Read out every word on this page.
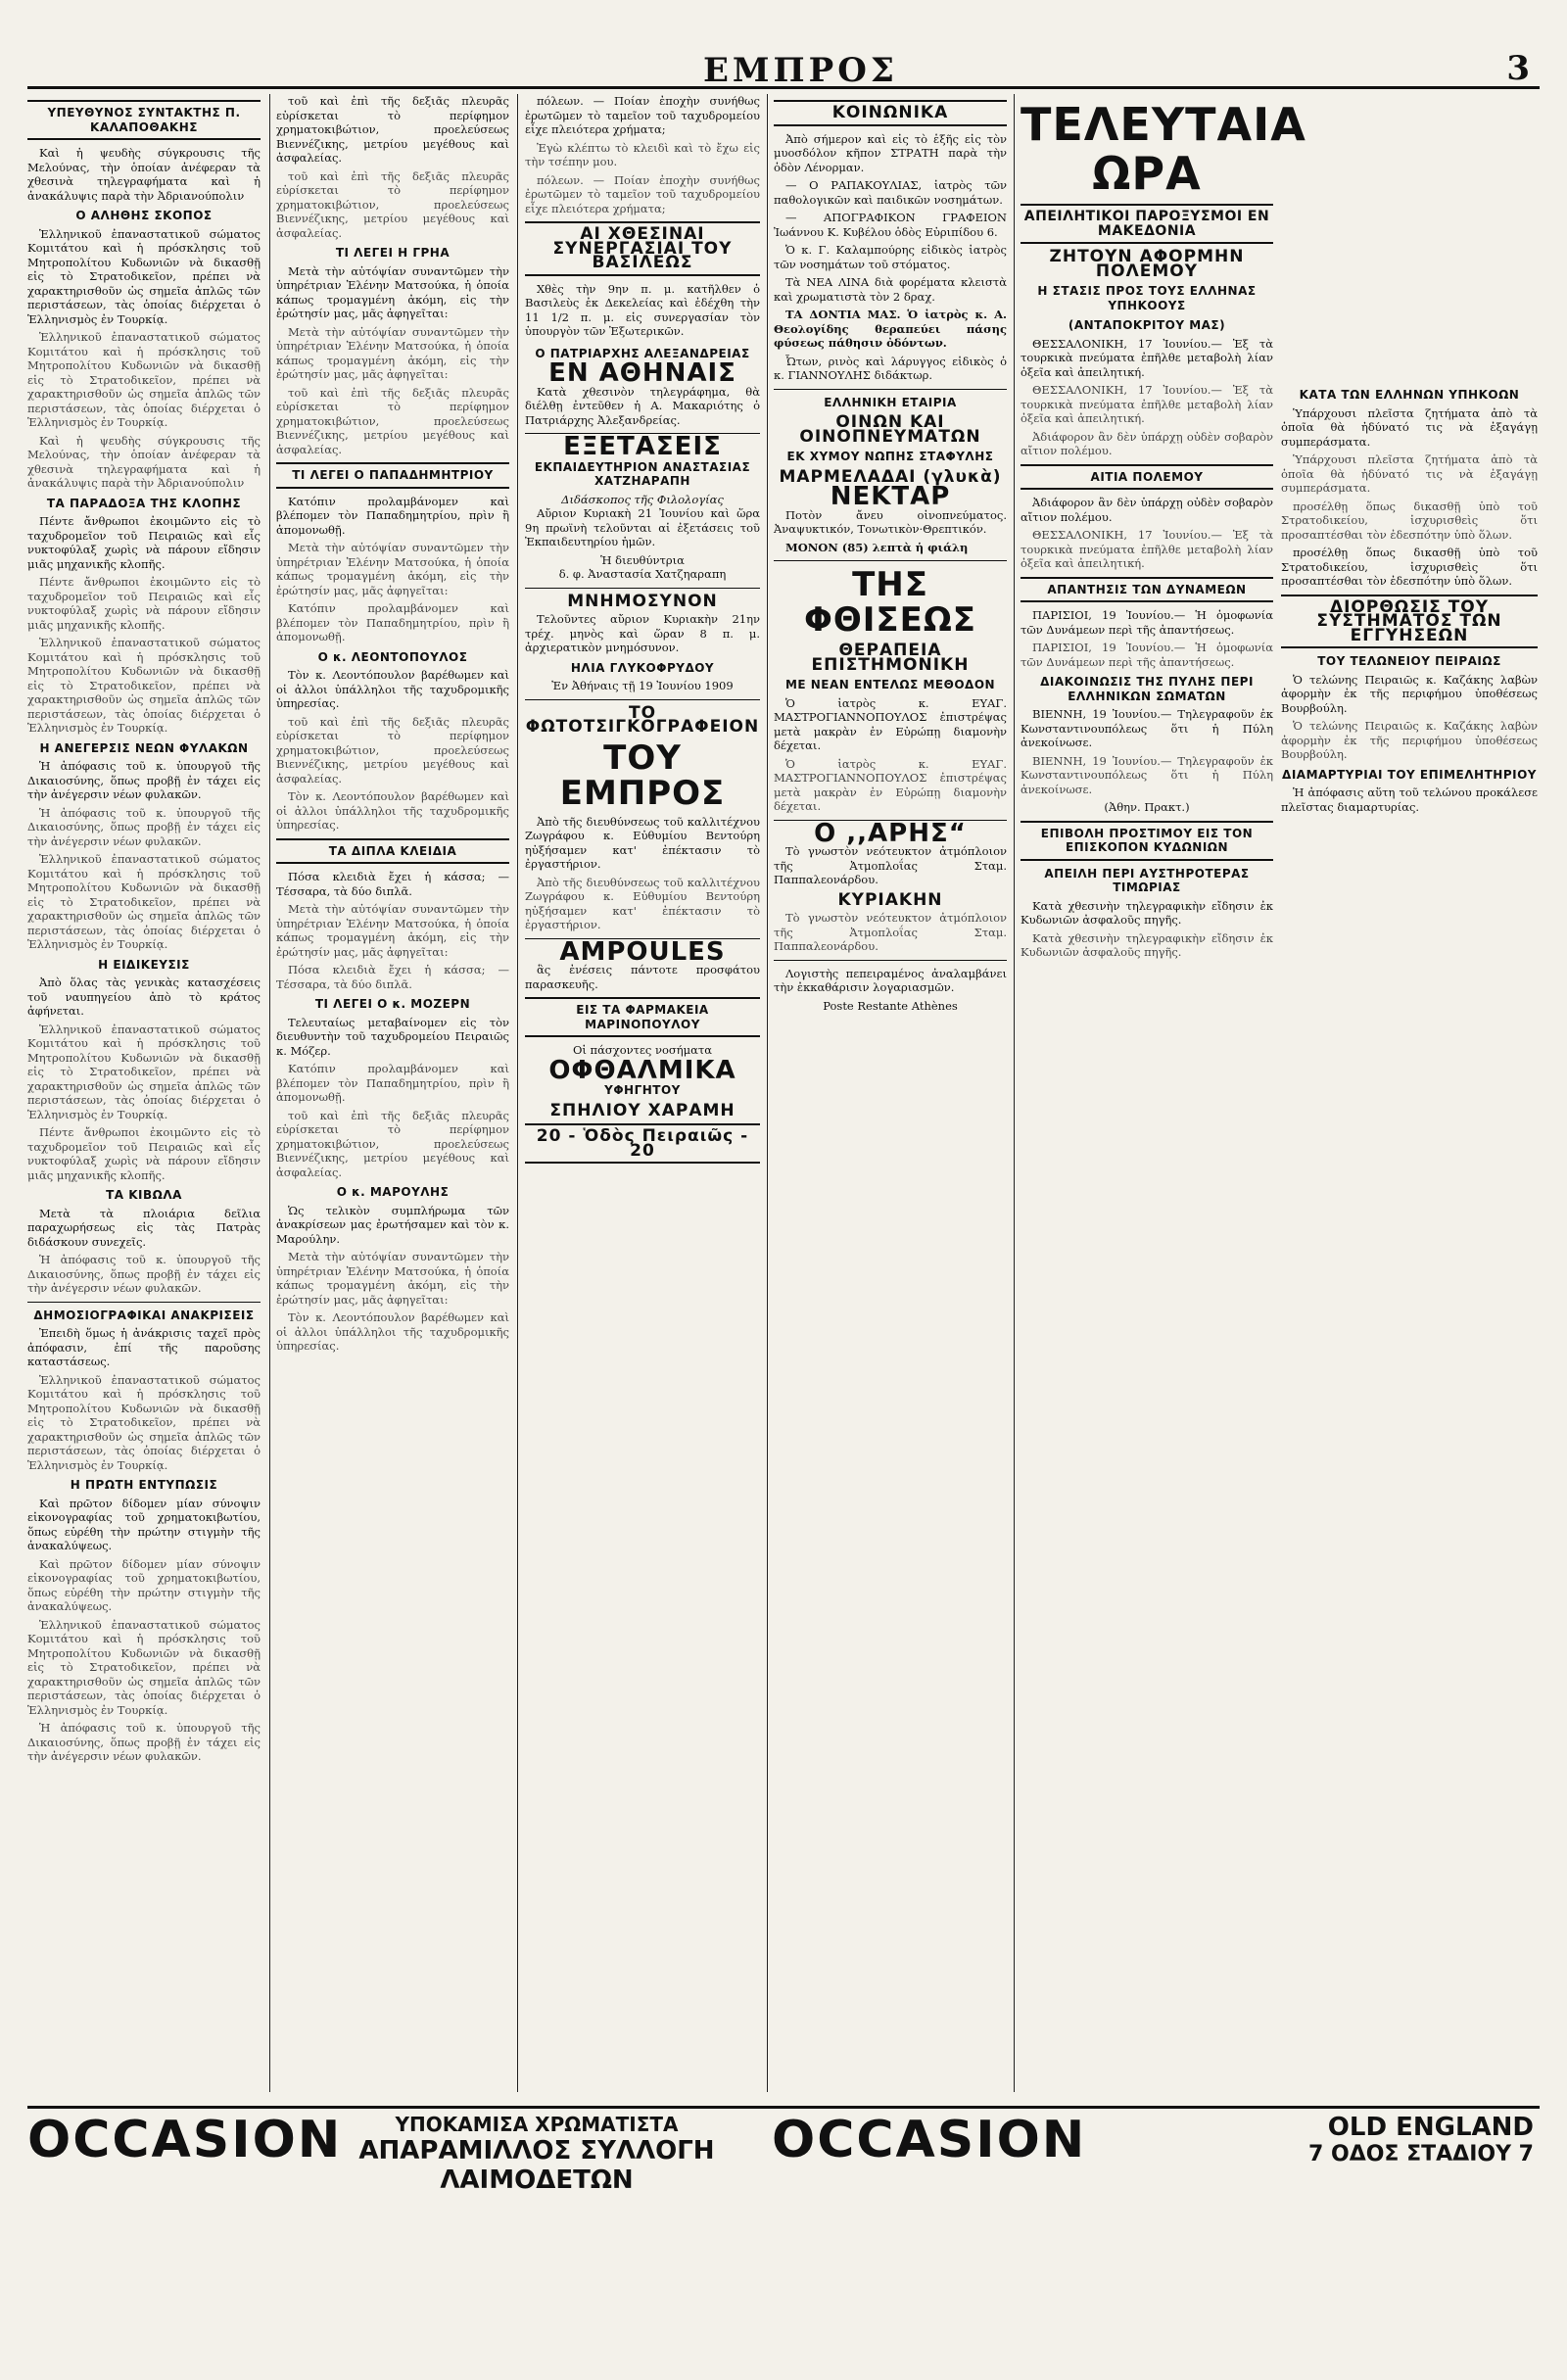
ΕΜΠΡΟΣ	3
ΥΠΕΥΘΥΝΟΣ ΣΥΝΤΑΚΤΗΣ Π. ΚΑΛΑΠΟΘΑΚΗΣ

Καὶ ἡ ψευδὴς σύγκρουσις τῆς Μελούνας, τὴν ὁποίαν ἀνέφεραν τὰ χθεσινὰ τηλεγραφήματα καὶ ἡ ἀνακάλυψις παρὰ τὴν Ἀδριανούπολιν

Ο ΑΛΗΘΗΣ ΣΚΟΠΟΣ

Ἑλληνικοῦ ἐπαναστατικοῦ σώματος Κομιτάτου καὶ ἡ πρόσκλησις τοῦ Μητροπολίτου Κυδωνιῶν νὰ δικασθῇ εἰς τὸ Στρατοδικεῖον, πρέπει νὰ χαρακτηρισθοῦν ὡς σημεῖα ἀπλῶς τῶν περιστάσεων, τὰς ὁποίας διέρχεται ὁ Ἑλληνισμὸς ἐν Τουρκίᾳ.

Ἑλληνικοῦ ἐπαναστατικοῦ σώματος Κομιτάτου καὶ ἡ πρόσκλησις τοῦ Μητροπολίτου Κυδωνιῶν νὰ δικασθῇ εἰς τὸ Στρατοδικεῖον, πρέπει νὰ χαρακτηρισθοῦν ὡς σημεῖα ἀπλῶς τῶν περιστάσεων, τὰς ὁποίας διέρχεται ὁ Ἑλληνισμὸς ἐν Τουρκίᾳ.

Καὶ ἡ ψευδὴς σύγκρουσις τῆς Μελούνας, τὴν ὁποίαν ἀνέφεραν τὰ χθεσινὰ τηλεγραφήματα καὶ ἡ ἀνακάλυψις παρὰ τὴν Ἀδριανούπολιν

ΤΑ ΠΑΡΑΔΟΞΑ ΤΗΣ ΚΛΟΠΗΣ

Πέντε ἄνθρωποι ἐκοιμῶντο εἰς τὸ ταχυδρομεῖον τοῦ Πειραιῶς καὶ εἷς νυκτοφύλαξ χωρὶς νὰ πάρουν εἴδησιν μιᾶς μηχανικῆς κλοπῆς.

Πέντε ἄνθρωποι ἐκοιμῶντο εἰς τὸ ταχυδρομεῖον τοῦ Πειραιῶς καὶ εἷς νυκτοφύλαξ χωρὶς νὰ πάρουν εἴδησιν μιᾶς μηχανικῆς κλοπῆς.

Ἑλληνικοῦ ἐπαναστατικοῦ σώματος Κομιτάτου καὶ ἡ πρόσκλησις τοῦ Μητροπολίτου Κυδωνιῶν νὰ δικασθῇ εἰς τὸ Στρατοδικεῖον, πρέπει νὰ χαρακτηρισθοῦν ὡς σημεῖα ἀπλῶς τῶν περιστάσεων, τὰς ὁποίας διέρχεται ὁ Ἑλληνισμὸς ἐν Τουρκίᾳ.

Η ΑΝΕΓΕΡΣΙΣ ΝΕΩΝ ΦΥΛΑΚΩΝ

Ἡ ἀπόφασις τοῦ κ. ὑπουργοῦ τῆς Δικαιοσύνης, ὅπως προβῇ ἐν τάχει εἰς τὴν ἀνέγερσιν νέων φυλακῶν.

Ἡ ἀπόφασις τοῦ κ. ὑπουργοῦ τῆς Δικαιοσύνης, ὅπως προβῇ ἐν τάχει εἰς τὴν ἀνέγερσιν νέων φυλακῶν.

Ἑλληνικοῦ ἐπαναστατικοῦ σώματος Κομιτάτου καὶ ἡ πρόσκλησις τοῦ Μητροπολίτου Κυδωνιῶν νὰ δικασθῇ εἰς τὸ Στρατοδικεῖον, πρέπει νὰ χαρακτηρισθοῦν ὡς σημεῖα ἀπλῶς τῶν περιστάσεων, τὰς ὁποίας διέρχεται ὁ Ἑλληνισμὸς ἐν Τουρκίᾳ.

Η ΕΙΔΙΚΕΥΣΙΣ

Ἀπὸ ὅλας τὰς γενικὰς κατασχέσεις τοῦ ναυπηγείου ἀπὸ τὸ κράτος ἀφήνεται.

Ἑλληνικοῦ ἐπαναστατικοῦ σώματος Κομιτάτου καὶ ἡ πρόσκλησις τοῦ Μητροπολίτου Κυδωνιῶν νὰ δικασθῇ εἰς τὸ Στρατοδικεῖον, πρέπει νὰ χαρακτηρισθοῦν ὡς σημεῖα ἀπλῶς τῶν περιστάσεων, τὰς ὁποίας διέρχεται ὁ Ἑλληνισμὸς ἐν Τουρκίᾳ.

Πέντε ἄνθρωποι ἐκοιμῶντο εἰς τὸ ταχυδρομεῖον τοῦ Πειραιῶς καὶ εἷς νυκτοφύλαξ χωρὶς νὰ πάρουν εἴδησιν μιᾶς μηχανικῆς κλοπῆς.

ΤΑ ΚΙΒΩΛΑ

Μετὰ τὰ πλοιάρια δεῖλια παραχωρήσεως εἰς τὰς Πατρὰς διδάσκουν συνεχεῖς.

Ἡ ἀπόφασις τοῦ κ. ὑπουργοῦ τῆς Δικαιοσύνης, ὅπως προβῇ ἐν τάχει εἰς τὴν ἀνέγερσιν νέων φυλακῶν.

ΔΗΜΟΣΙΟΓΡΑΦΙΚΑΙ ΑΝΑΚΡΙΣΕΙΣ

Ἐπειδὴ ὅμως ἡ ἀνάκρισις ταχεῖ πρὸς ἀπόφασιν, ἐπί τῆς παροῦσης καταστάσεως.

Ἑλληνικοῦ ἐπαναστατικοῦ σώματος Κομιτάτου καὶ ἡ πρόσκλησις τοῦ Μητροπολίτου Κυδωνιῶν νὰ δικασθῇ εἰς τὸ Στρατοδικεῖον, πρέπει νὰ χαρακτηρισθοῦν ὡς σημεῖα ἀπλῶς τῶν περιστάσεων, τὰς ὁποίας διέρχεται ὁ Ἑλληνισμὸς ἐν Τουρκίᾳ.

Η ΠΡΩΤΗ ΕΝΤΥΠΩΣΙΣ

Καὶ πρῶτον δίδομεν μίαν σύνοψιν εἰκονογραφίας τοῦ χρηματοκιβωτίου, ὅπως εὑρέθη τὴν πρώτην στιγμὴν τῆς ἀνακαλύψεως.

Καὶ πρῶτον δίδομεν μίαν σύνοψιν εἰκονογραφίας τοῦ χρηματοκιβωτίου, ὅπως εὑρέθη τὴν πρώτην στιγμὴν τῆς ἀνακαλύψεως.

Ἑλληνικοῦ ἐπαναστατικοῦ σώματος Κομιτάτου καὶ ἡ πρόσκλησις τοῦ Μητροπολίτου Κυδωνιῶν νὰ δικασθῇ εἰς τὸ Στρατοδικεῖον, πρέπει νὰ χαρακτηρισθοῦν ὡς σημεῖα ἀπλῶς τῶν περιστάσεων, τὰς ὁποίας διέρχεται ὁ Ἑλληνισμὸς ἐν Τουρκίᾳ.

Ἡ ἀπόφασις τοῦ κ. ὑπουργοῦ τῆς Δικαιοσύνης, ὅπως προβῇ ἐν τάχει εἰς τὴν ἀνέγερσιν νέων φυλακῶν.

τοῦ καὶ ἐπὶ τῆς δεξιᾶς πλευρᾶς εὑρίσκεται τὸ περίφημον χρηματοκιβώτιον, προελεύσεως Βιεννέζικης, μετρίου μεγέθους καὶ ἀσφαλείας.

τοῦ καὶ ἐπὶ τῆς δεξιᾶς πλευρᾶς εὑρίσκεται τὸ περίφημον χρηματοκιβώτιον, προελεύσεως Βιεννέζικης, μετρίου μεγέθους καὶ ἀσφαλείας.

ΤΙ ΛΕΓΕΙ Η ΓΡΗΑ

Μετὰ τὴν αὐτόψίαν συναντῶμεν τὴν ὑπηρέτριαν Ἑλένην Ματσούκα, ἡ ὁποία κάπως τρομαγμένη ἀκόμη, εἰς τὴν ἐρώτησίν μας, μᾶς ἀφηγεῖται:

Μετὰ τὴν αὐτόψίαν συναντῶμεν τὴν ὑπηρέτριαν Ἑλένην Ματσούκα, ἡ ὁποία κάπως τρομαγμένη ἀκόμη, εἰς τὴν ἐρώτησίν μας, μᾶς ἀφηγεῖται:

τοῦ καὶ ἐπὶ τῆς δεξιᾶς πλευρᾶς εὑρίσκεται τὸ περίφημον χρηματοκιβώτιον, προελεύσεως Βιεννέζικης, μετρίου μεγέθους καὶ ἀσφαλείας.

ΤΙ ΛΕΓΕΙ Ο ΠΑΠΑΔΗΜΗΤΡΙΟΥ

Κατόπιν προλαμβάνομεν καὶ βλέπομεν τὸν Παπαδημητρίου, πρὶν ἢ ἀπομονωθῇ.

Μετὰ τὴν αὐτόψίαν συναντῶμεν τὴν ὑπηρέτριαν Ἑλένην Ματσούκα, ἡ ὁποία κάπως τρομαγμένη ἀκόμη, εἰς τὴν ἐρώτησίν μας, μᾶς ἀφηγεῖται:

Κατόπιν προλαμβάνομεν καὶ βλέπομεν τὸν Παπαδημητρίου, πρὶν ἢ ἀπομονωθῇ.

Ο κ. ΛΕΟΝΤΟΠΟΥΛΟΣ

Τὸν κ. Λεοντόπουλον βαρέθωμεν καὶ οἱ ἀλλοι ὑπάλληλοι τῆς ταχυδρομικῆς ὑπηρεσίας.

τοῦ καὶ ἐπὶ τῆς δεξιᾶς πλευρᾶς εὑρίσκεται τὸ περίφημον χρηματοκιβώτιον, προελεύσεως Βιεννέζικης, μετρίου μεγέθους καὶ ἀσφαλείας.

Τὸν κ. Λεοντόπουλον βαρέθωμεν καὶ οἱ ἀλλοι ὑπάλληλοι τῆς ταχυδρομικῆς ὑπηρεσίας.

ΤΑ ΔΙΠΛΑ ΚΛΕΙΔΙΑ

Πόσα κλειδιὰ ἔχει ἡ κάσσα; — Τέσσαρα, τὰ δύο διπλᾶ.

Μετὰ τὴν αὐτόψίαν συναντῶμεν τὴν ὑπηρέτριαν Ἑλένην Ματσούκα, ἡ ὁποία κάπως τρομαγμένη ἀκόμη, εἰς τὴν ἐρώτησίν μας, μᾶς ἀφηγεῖται:

Πόσα κλειδιὰ ἔχει ἡ κάσσα; — Τέσσαρα, τὰ δύο διπλᾶ.

ΤΙ ΛΕΓΕΙ Ο κ. ΜΟΖΕΡΝ

Τελευταίως μεταβαίνομεν εἰς τὸν διευθυντὴν τοῦ ταχυδρομείου Πειραιῶς κ. Μόζερ.

Κατόπιν προλαμβάνομεν καὶ βλέπομεν τὸν Παπαδημητρίου, πρὶν ἢ ἀπομονωθῇ.

τοῦ καὶ ἐπὶ τῆς δεξιᾶς πλευρᾶς εὑρίσκεται τὸ περίφημον χρηματοκιβώτιον, προελεύσεως Βιεννέζικης, μετρίου μεγέθους καὶ ἀσφαλείας.

Ο κ. ΜΑΡΟΥΛΗΣ

Ὡς τελικὸν συμπλήρωμα τῶν ἀνακρίσεων μας ἐρωτήσαμεν καὶ τὸν κ. Μαρούλην.

Μετὰ τὴν αὐτόψίαν συναντῶμεν τὴν ὑπηρέτριαν Ἑλένην Ματσούκα, ἡ ὁποία κάπως τρομαγμένη ἀκόμη, εἰς τὴν ἐρώτησίν μας, μᾶς ἀφηγεῖται:

Τὸν κ. Λεοντόπουλον βαρέθωμεν καὶ οἱ ἀλλοι ὑπάλληλοι τῆς ταχυδρομικῆς ὑπηρεσίας.

πόλεων. — Ποίαν ἐποχὴν συνήθως ἐρωτῶμεν τὸ ταμεῖον τοῦ ταχυδρομείου εἶχε πλειότερα χρήματα;

Ἐγὼ κλέπτω τὸ κλειδὶ καὶ τὸ ἔχω εἰς τὴν τσέπην μου.

πόλεων. — Ποίαν ἐποχὴν συνήθως ἐρωτῶμεν τὸ ταμεῖον τοῦ ταχυδρομείου εἶχε πλειότερα χρήματα;

ΑΙ ΧΘΕΣΙΝΑΙ ΣΥΝΕΡΓΑΣΙΑΙ ΤΟΥ ΒΑΣΙΛΕΩΣ

Χθὲς τὴν 9ην π. μ. κατῆλθεν ὁ Βασιλεὺς ἐκ Δεκελείας καὶ ἐδέχθη τὴν 11 1/2 π. μ. εἰς συνεργασίαν τὸν ὑπουργὸν τῶν Ἐξωτερικῶν.

Ο ΠΑΤΡΙΑΡΧΗΣ ΑΛΕΞΑΝΔΡΕΙΑΣ
ΕΝ ΑΘΗΝΑΙΣ

Κατὰ χθεσινὸν τηλεγράφημα, θὰ διέλθῃ ἐντεῦθεν ἡ Α. Μακαριότης ὁ Πατριάρχης Ἀλεξανδρείας.

ΕΞΕΤΑΣΕΙΣ
ΕΚΠΑΙΔΕΥΤΗΡΙΟΝ ΑΝΑΣΤΑΣΙΑΣ ΧΑΤΖΗΑΡΑΠΗ
Διδάσκοπος τῆς Φιλολογίας

Αὔριον Κυριακὴ 21 Ἰουνίου καὶ ὥρα 9η πρωϊνὴ τελοῦνται αἱ ἐξετάσεις τοῦ Ἐκπαιδευτηρίου ἡμῶν.

Ἡ διευθύντρια
δ. φ. Ἀναστασία Χατζηαραπη
ΜΝΗΜΟΣΥΝΟΝ

Τελοῦντες αὔριον Κυριακὴν 21ην τρέχ. μηνὸς καὶ ὥραν 8 π. μ. ἀρχιερατικὸν μνημόσυνον.

ΗΛΙΑ ΓΛΥΚΟΦΡΥΔΟΥ
Ἐν Ἀθήναις τῇ 19 Ἰουνίου 1909
ΤΟ ΦΩΤΟΤΣΙΓΚΟΓΡΑΦΕΙΟΝ
ΤΟΥ ΕΜΠΡΟΣ

Ἀπὸ τῆς διευθύνσεως τοῦ καλλιτέχνου Ζωγράφου κ. Εὐθυμίου Βεντούρη ηὐξήσαμεν κατ' ἐπέκτασιν τὸ ἐργαστήριον.

Ἀπὸ τῆς διευθύνσεως τοῦ καλλιτέχνου Ζωγράφου κ. Εὐθυμίου Βεντούρη ηὐξήσαμεν κατ' ἐπέκτασιν τὸ ἐργαστήριον.

AMPOULES

ἃς ἐνέσεις πάντοτε προσφάτου παρασκευῆς.

ΕΙΣ ΤΑ ΦΑΡΜΑΚΕΙΑ ΜΑΡΙΝΟΠΟΥΛΟΥ
Οἱ πάσχοντες νοσήματα
ΟΦΘΑΛΜΙΚΑ
ΥΦΗΓΗΤΟΥ
ΣΠΗΛΙΟΥ ΧΑΡΑΜΗ
20 - Ὁδὸς Πειραιῶς - 20
ΚΟΙΝΩΝΙΚΑ

Ἀπὸ σήμερον καὶ εἰς τὸ ἑξῆς εἰς τὸν μυοσδόλον κῆπον ΣΤΡΑΤΗ παρὰ τὴν ὁδὸν Λένορμαν.

— Ο ΡΑΠΑΚΟΥΛΙΑΣ, ἰατρὸς τῶν παθολογικῶν καὶ παιδικῶν νοσημάτων.

— ΑΠΟΓΡΑΦΙΚΟΝ ΓΡΑΦΕΙΟΝ Ἰωάννου Κ. Κυβέλου ὁδὸς Εὐριπίδου 6.

Ὁ κ. Γ. Καλαμπούρης εἰδικὸς ἰατρὸς τῶν νοσημάτων τοῦ στόματος.

Τὰ ΝΕΑ ΛΙΝΑ διὰ φορέματα κλειστὰ καὶ χρωματιστὰ τὸν 2 δραχ.

ΤΑ ΔΟΝΤΙΑ ΜΑΣ. Ὁ ἰατρὸς κ. Α. Θεολογίδης θεραπεύει πάσης φύσεως πάθησιν ὀδόντων.

Ὦτων, ρινὸς καὶ λάρυγγος εἰδικὸς ὁ κ. ΓΙΑΝΝΟΥΛΗΣ διδάκτωρ.

ΕΛΛΗΝΙΚΗ ΕΤΑΙΡΙΑ
ΟΙΝΩΝ ΚΑΙ ΟΙΝΟΠΝΕΥΜΑΤΩΝ
ΕΚ ΧΥΜΟΥ ΝΩΠΗΣ ΣΤΑΦΥΛΗΣ
ΜΑΡΜΕΛΑΔΑΙ (γλυκὰ)
ΝΕΚΤΑΡ

Ποτὸν ἄνευ οἰνοπνεύματος. Ἀναψυκτικόν, Τονωτικὸν·Θρεπτικόν.

ΜΟΝΟΝ (85) λεπτὰ ἡ φιάλη

ΤΗΣ ΦΘΙΣΕΩΣ
ΘΕΡΑΠΕΙΑ ΕΠΙΣΤΗΜΟΝΙΚΗ
ΜΕ ΝΕΑΝ ΕΝΤΕΛΩΣ ΜΕΘΟΔΟΝ

Ὁ ἰατρὸς κ. ΕΥΑΓ. ΜΑΣΤΡΟΓΙΑΝΝΟΠΟΥΛΟΣ ἐπιστρέψας μετὰ μακρὰν ἐν Εὐρώπῃ διαμονὴν δέχεται.

Ὁ ἰατρὸς κ. ΕΥΑΓ. ΜΑΣΤΡΟΓΙΑΝΝΟΠΟΥΛΟΣ ἐπιστρέψας μετὰ μακρὰν ἐν Εὐρώπῃ διαμονὴν δέχεται.

Ο ,,ΑΡΗΣ“

Τὸ γνωστὸν νεότευκτον ἀτμόπλοιον τῆς Ἀτμοπλοΐας Σταμ. Παππαλεονάρδου.

ΚΥΡΙΑΚΗΝ

Τὸ γνωστὸν νεότευκτον ἀτμόπλοιον τῆς Ἀτμοπλοΐας Σταμ. Παππαλεονάρδου.

Λογιστὴς πεπειραμένος ἀναλαμβάνει τὴν ἐκκαθάρισιν λογαριασμῶν.

Poste Restante Athènes
ΤΕΛΕΥΤΑΙΑ ΩΡΑ
ΑΠΕΙΛΗΤΙΚΟΙ ΠΑΡΟΞΥΣΜΟΙ ΕΝ ΜΑΚΕΔΟΝΙΑ
ΖΗΤΟΥΝ ΑΦΟΡΜΗΝ ΠΟΛΕΜΟΥ
Η ΣΤΑΣΙΣ ΠΡΟΣ ΤΟΥΣ ΕΛΛΗΝΑΣ ΥΠΗΚΟΟΥΣ
(ΑΝΤΑΠΟΚΡΙΤΟΥ ΜΑΣ)

ΘΕΣΣΑΛΟΝΙΚΗ, 17 Ἰουνίου.— Ἐξ τὰ τουρκικὰ πνεύματα ἐπῆλθε μεταβολὴ λίαν ὀξεῖα καὶ ἀπειλητική.

ΘΕΣΣΑΛΟΝΙΚΗ, 17 Ἰουνίου.— Ἐξ τὰ τουρκικὰ πνεύματα ἐπῆλθε μεταβολὴ λίαν ὀξεῖα καὶ ἀπειλητική.

Ἀδιάφορον ἂν δὲν ὑπάρχῃ οὐδὲν σοβαρὸν αἴτιον πολέμου.

ΑΙΤΙΑ ΠΟΛΕΜΟΥ

Ἀδιάφορον ἂν δὲν ὑπάρχῃ οὐδὲν σοβαρὸν αἴτιον πολέμου.

ΘΕΣΣΑΛΟΝΙΚΗ, 17 Ἰουνίου.— Ἐξ τὰ τουρκικὰ πνεύματα ἐπῆλθε μεταβολὴ λίαν ὀξεῖα καὶ ἀπειλητική.

ΑΠΑΝΤΗΣΙΣ ΤΩΝ ΔΥΝΑΜΕΩΝ

ΠΑΡΙΣΙΟΙ, 19 Ἰουνίου.— Ἡ ὁμοφωνία τῶν Δυνάμεων περὶ τῆς ἀπαντήσεως.

ΠΑΡΙΣΙΟΙ, 19 Ἰουνίου.— Ἡ ὁμοφωνία τῶν Δυνάμεων περὶ τῆς ἀπαντήσεως.

ΔΙΑΚΟΙΝΩΣΙΣ ΤΗΣ ΠΥΛΗΣ ΠΕΡΙ ΕΛΛΗΝΙΚΩΝ ΣΩΜΑΤΩΝ

ΒΙΕΝΝΗ, 19 Ἰουνίου.— Τηλεγραφοῦν ἐκ Κωνσταντινουπόλεως ὅτι ἡ Πύλη ἀνεκοίνωσε.

ΒΙΕΝΝΗ, 19 Ἰουνίου.— Τηλεγραφοῦν ἐκ Κωνσταντινουπόλεως ὅτι ἡ Πύλη ἀνεκοίνωσε.

(Ἀθην. Πρακτ.)
ΕΠΙΒΟΛΗ ΠΡΟΣΤΙΜΟΥ ΕΙΣ ΤΟΝ ΕΠΙΣΚΟΠΟΝ ΚΥΔΩΝΙΩΝ
ΑΠΕΙΛΗ ΠΕΡΙ ΑΥΣΤΗΡΟΤΕΡΑΣ ΤΙΜΩΡΙΑΣ

Κατὰ χθεσινὴν τηλεγραφικὴν εἴδησιν ἐκ Κυδωνιῶν ἀσφαλοῦς πηγῆς.

Κατὰ χθεσινὴν τηλεγραφικὴν εἴδησιν ἐκ Κυδωνιῶν ἀσφαλοῦς πηγῆς.

ΚΑΤΑ ΤΩΝ ΕΛΛΗΝΩΝ ΥΠΗΚΟΩΝ

Ὑπάρχουσι πλεῖστα ζητήματα ἀπὸ τὰ ὁποῖα θὰ ἠδύνατό τις νὰ ἐξαγάγῃ συμπεράσματα.

Ὑπάρχουσι πλεῖστα ζητήματα ἀπὸ τὰ ὁποῖα θὰ ἠδύνατό τις νὰ ἐξαγάγῃ συμπεράσματα.

προσέλθῃ ὅπως δικασθῇ ὑπὸ τοῦ Στρατοδικείου, ἰσχυρισθεὶς ὅτι προσαπτέσθαι τὸν ἐδεσπότην ὑπὸ ὅλων.

προσέλθῃ ὅπως δικασθῇ ὑπὸ τοῦ Στρατοδικείου, ἰσχυρισθεὶς ὅτι προσαπτέσθαι τὸν ἐδεσπότην ὑπὸ ὅλων.

ΔΙΟΡΘΩΣΙΣ ΤΟΥ ΣΥΣΤΗΜΑΤΟΣ ΤΩΝ ΕΓΓΥΗΣΕΩΝ
ΤΟΥ ΤΕΛΩΝΕΙΟΥ ΠΕΙΡΑΙΩΣ

Ὁ τελώνης Πειραιῶς κ. Καζάκης λαβὼν ἀφορμὴν ἐκ τῆς περιφήμου ὑποθέσεως Βουρβούλη.

Ὁ τελώνης Πειραιῶς κ. Καζάκης λαβὼν ἀφορμὴν ἐκ τῆς περιφήμου ὑποθέσεως Βουρβούλη.

ΔΙΑΜΑΡΤΥΡΙΑΙ ΤΟΥ ΕΠΙΜΕΛΗΤΗΡΙΟΥ

Ἡ ἀπόφασις αὕτη τοῦ τελώνου προκάλεσε πλεῖστας διαμαρτυρίας.

OCCASION	ΥΠΟΚΑΜΙΣΑ ΧΡΩΜΑΤΙΣΤΑ
ΑΠΑΡΑΜΙΛΛΟΣ ΣΥΛΛΟΓΗ ΛΑΙΜΟΔΕΤΩΝ
OCCASION	OLD ENGLAND
7 ΟΔΟΣ ΣΤΑΔΙΟΥ 7
